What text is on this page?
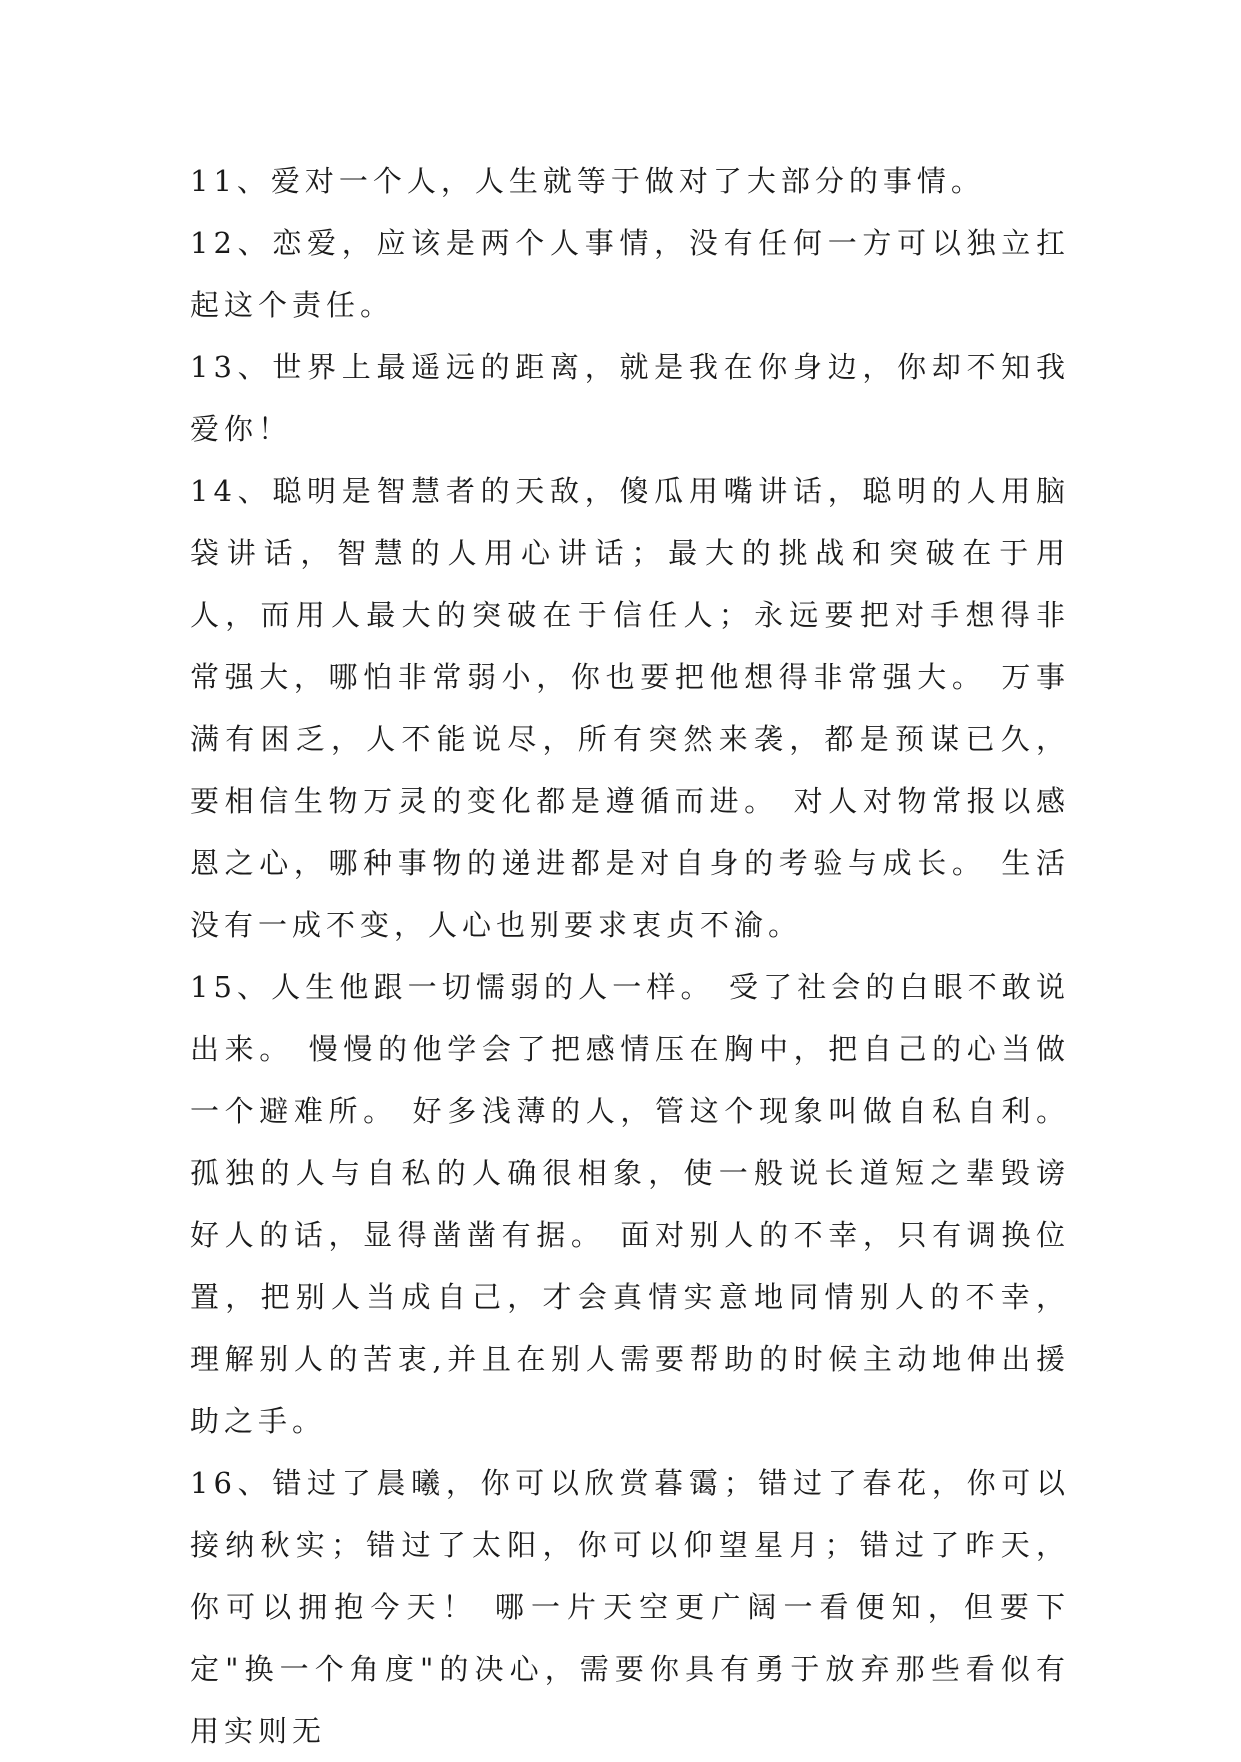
11、爱对一个人，人生就等于做对了大部分的事情。

12、恋爱，应该是两个人事情，没有任何一方可以独立扛起这个责任。

13、世界上最遥远的距离，就是我在你身边，你却不知我爱你！

14、聪明是智慧者的天敌，傻瓜用嘴讲话，聪明的人用脑袋讲话，智慧的人用心讲话；最大的挑战和突破在于用人，而用人最大的突破在于信任人；永远要把对手想得非常强大，哪怕非常弱小，你也要把他想得非常强大。 万事满有困乏，人不能说尽，所有突然来袭，都是预谋已久，要相信生物万灵的变化都是遵循而进。 对人对物常报以感恩之心，哪种事物的递进都是对自身的考验与成长。 生活没有一成不变，人心也别要求衷贞不渝。

15、人生他跟一切懦弱的人一样。 受了社会的白眼不敢说出来。 慢慢的他学会了把感情压在胸中，把自己的心当做一个避难所。 好多浅薄的人，管这个现象叫做自私自利。 孤独的人与自私的人确很相象，使一般说长道短之辈毁谤好人的话，显得凿凿有据。 面对别人的不幸，只有调换位置，把别人当成自己，才会真情实意地同情别人的不幸，理解别人的苦衷,并且在别人需要帮助的时候主动地伸出援助之手。

16、错过了晨曦，你可以欣赏暮霭；错过了春花，你可以接纳秋实；错过了太阳，你可以仰望星月；错过了昨天，你可以拥抱今天！ 哪一片天空更广阔一看便知，但要下定"换一个角度"的决心，需要你具有勇于放弃那些看似有用实则无
